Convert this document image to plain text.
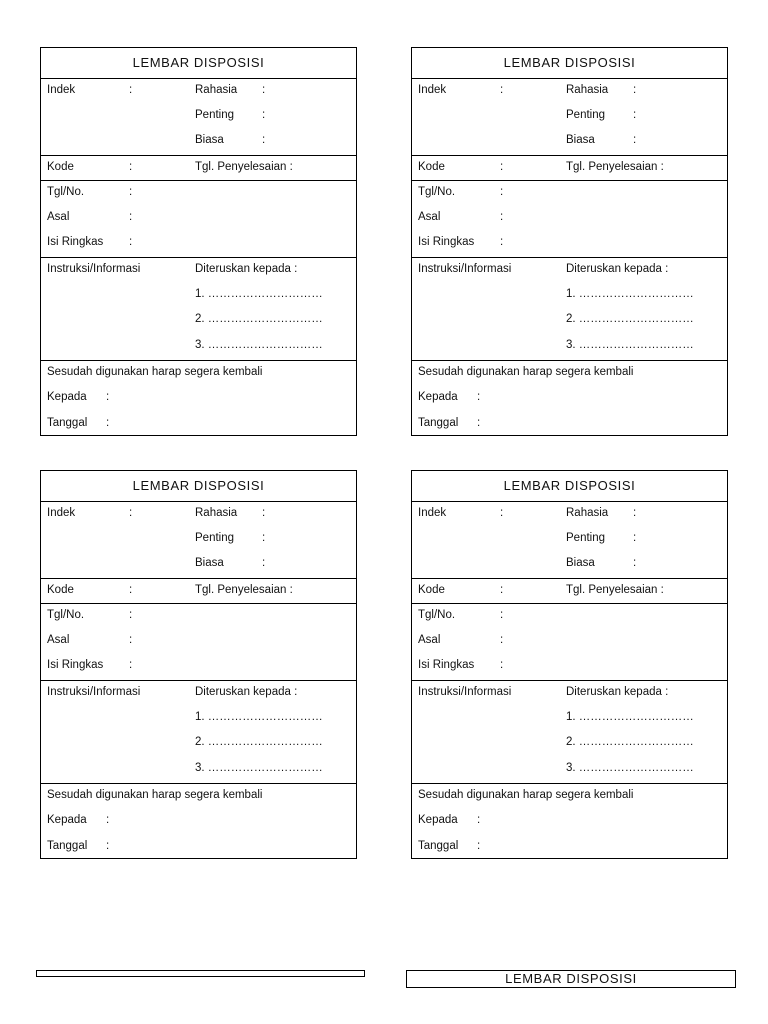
LEMBAR DISPOSISI
Indek	:	Rahasia :
Penting :
Biasa	:
Kode	:	Tgl. Penyelesaian :
Tgl/No.	:
Asal	:
Isi Ringkas :
Instruksi/Informasi	Diteruskan kepada :
1. …………………………
2. …………………………
3. …………………………
Sesudah digunakan harap segera kembali
Kepada :
Tanggal :
LEMBAR DISPOSISI
Indek	:	Rahasia :
Penting :
Biasa	:
Kode	:	Tgl. Penyelesaian :
Tgl/No.	:
Asal	:
Isi Ringkas :
Instruksi/Informasi	Diteruskan kepada :
1. …………………………
2. …………………………
3. …………………………
Sesudah digunakan harap segera kembali
Kepada :
Tanggal :
LEMBAR DISPOSISI
Indek	:	Rahasia :
Penting :
Biasa	:
Kode	:	Tgl. Penyelesaian :
Tgl/No.	:
Asal	:
Isi Ringkas :
Instruksi/Informasi	Diteruskan kepada :
1. …………………………
2. …………………………
3. …………………………
Sesudah digunakan harap segera kembali
Kepada :
Tanggal :
LEMBAR DISPOSISI
Indek	:	Rahasia :
Penting :
Biasa	:
Kode	:	Tgl. Penyelesaian :
Tgl/No.	:
Asal	:
Isi Ringkas :
Instruksi/Informasi	Diteruskan kepada :
1. …………………………
2. …………………………
3. …………………………
Sesudah digunakan harap segera kembali
Kepada :
Tanggal :
LEMBAR DISPOSISI
